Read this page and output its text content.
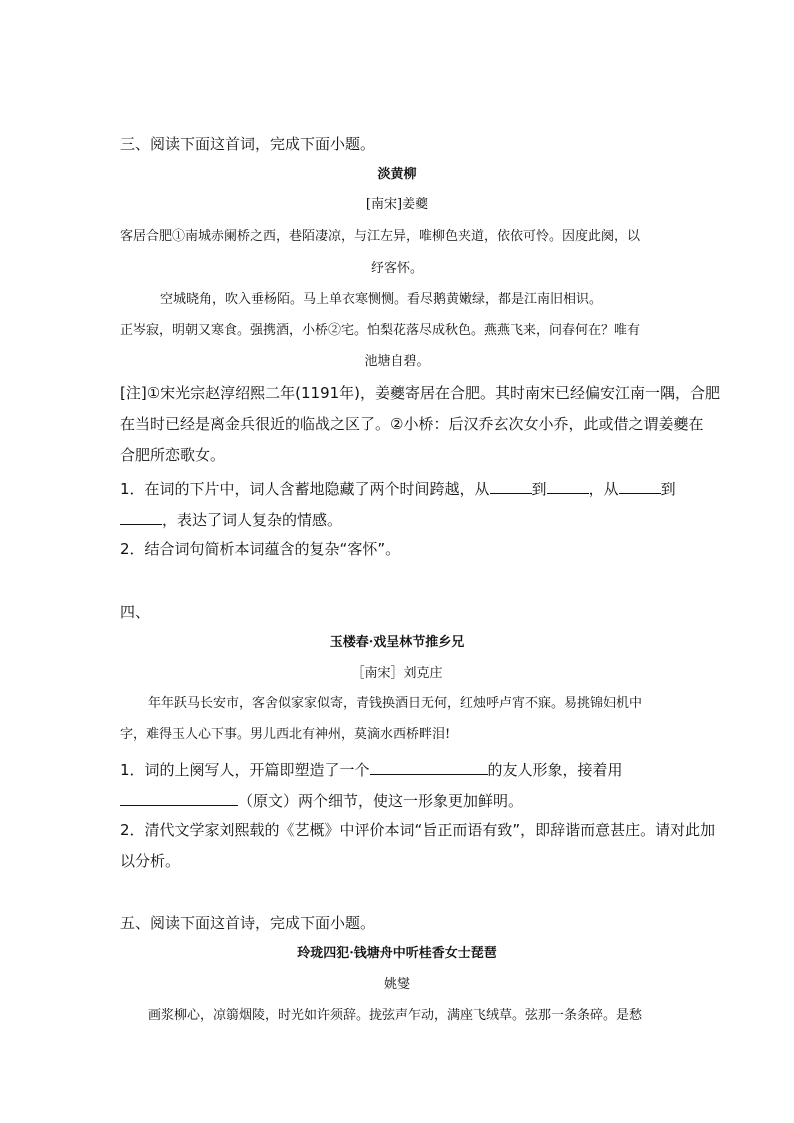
三、阅读下面这首词，完成下面小题。
淡黄柳
[南宋]姜夔
客居合肥①南城赤阑桥之西，巷陌凄凉，与江左异，唯柳色夹道，依依可怜。因度此阕，以
纾客怀。
空城晓角，吹入垂杨陌。马上单衣寒恻恻。看尽鹅黄嫩绿，都是江南旧相识。
正岑寂，明朝又寒食。强携酒，小桥②宅。怕梨花落尽成秋色。燕燕飞来，问春何在？唯有
池塘自碧。
[注]①宋光宗赵淳绍熙二年(1191年)，姜夔寄居在合肥。其时南宋已经偏安江南一隅，合肥
在当时已经是离金兵很近的临战之区了。②小桥：后汉乔玄次女小乔，此或借之谓姜夔在
合肥所恋歌女。
1．在词的下片中，词人含蓄地隐藏了两个时间跨越，从	到	，从	到
，表达了词人复杂的情感。
2．结合词句简析本词蕴含的复杂“客怀”。
四、
玉楼春·戏呈林节推乡兄
［南宋］刘克庄
年年跃马长安市，客舍似家家似寄，青钱换酒日无何，红烛呼卢宵不寐。易挑锦妇机中
字，难得玉人心下事。男儿西北有神州，莫滴水西桥畔泪!
1．词的上阕写人，开篇即塑造了一个	的友人形象，接着用
（原文）两个细节，使这一形象更加鲜明。
2．清代文学家刘熙载的《艺概》中评价本词“旨正而语有致”，即辞谐而意甚庄。请对此加
以分析。
五、阅读下面这首诗，完成下面小题。
玲珑四犯·钱塘舟中听桂香女士琵琶
姚燮
画浆柳心，凉篛烟陵，时光如许须辞。拢弦声乍动，满座飞绒草。弦那一条条碎。是愁
